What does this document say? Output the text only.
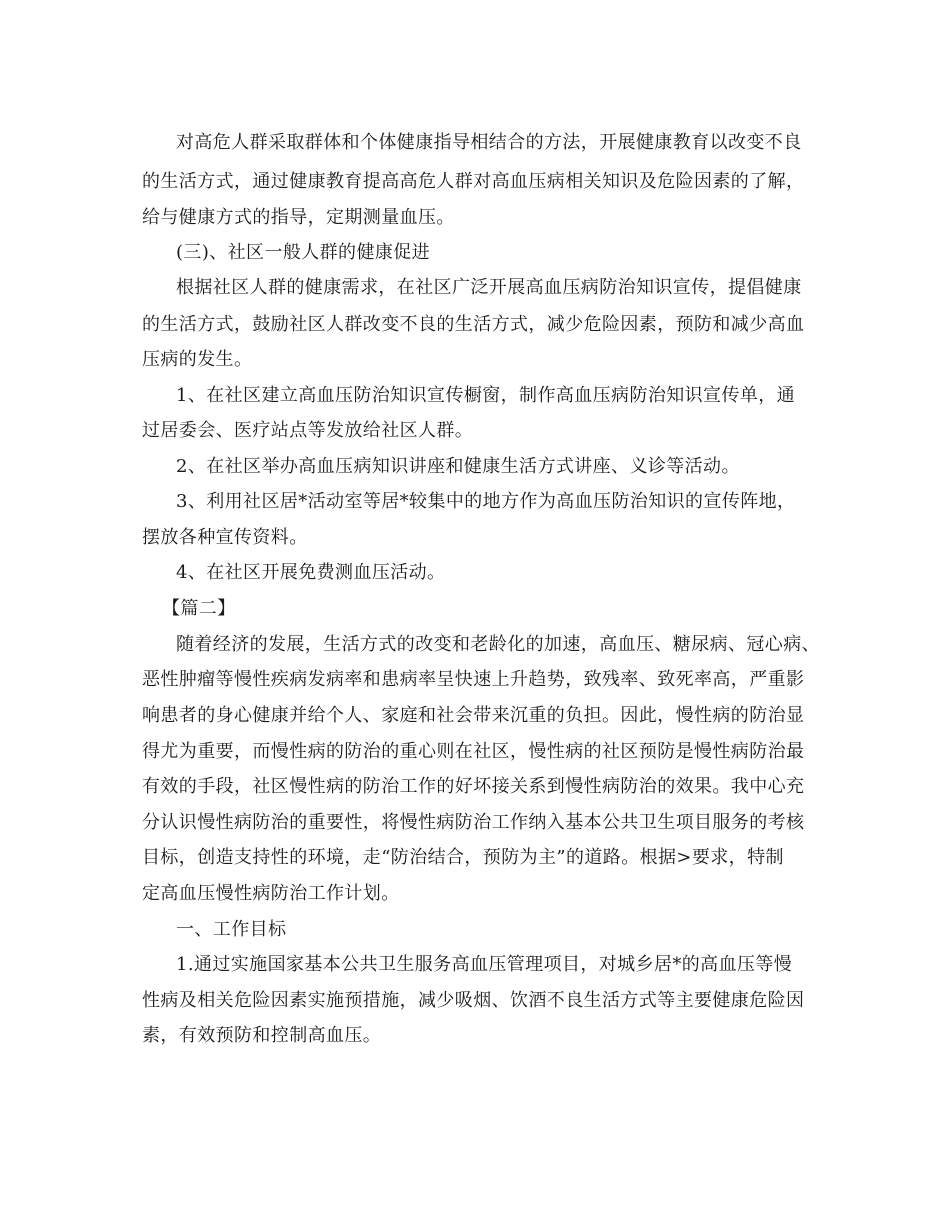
对高危人群采取群体和个体健康指导相结合的方法，开展健康教育以改变不良
的生活方式，通过健康教育提高高危人群对高血压病相关知识及危险因素的了解，
给与健康方式的指导，定期测量血压。
(三)、社区一般人群的健康促进
根据社区人群的健康需求，在社区广泛开展高血压病防治知识宣传，提倡健康
的生活方式，鼓励社区人群改变不良的生活方式，减少危险因素，预防和减少高血
压病的发生。
1、在社区建立高血压防治知识宣传橱窗，制作高血压病防治知识宣传单，通
过居委会、医疗站点等发放给社区人群。
2、在社区举办高血压病知识讲座和健康生活方式讲座、义诊等活动。
3、利用社区居*活动室等居*较集中的地方作为高血压防治知识的宣传阵地，
摆放各种宣传资料。
4、在社区开展免费测血压活动。
【篇二】
随着经济的发展，生活方式的改变和老龄化的加速，高血压、糖尿病、冠心病、
恶性肿瘤等慢性疾病发病率和患病率呈快速上升趋势，致残率、致死率高，严重影
响患者的身心健康并给个人、家庭和社会带来沉重的负担。因此，慢性病的防治显
得尤为重要，而慢性病的防治的重心则在社区，慢性病的社区预防是慢性病防治最
有效的手段，社区慢性病的防治工作的好坏接关系到慢性病防治的效果。我中心充
分认识慢性病防治的重要性，将慢性病防治工作纳入基本公共卫生项目服务的考核
目标，创造支持性的环境，走“防治结合，预防为主”的道路。根据>要求，特制
定高血压慢性病防治工作计划。
一、工作目标
1.通过实施国家基本公共卫生服务高血压管理项目，对城乡居*的高血压等慢
性病及相关危险因素实施预措施，减少吸烟、饮酒不良生活方式等主要健康危险因
素，有效预防和控制高血压。
